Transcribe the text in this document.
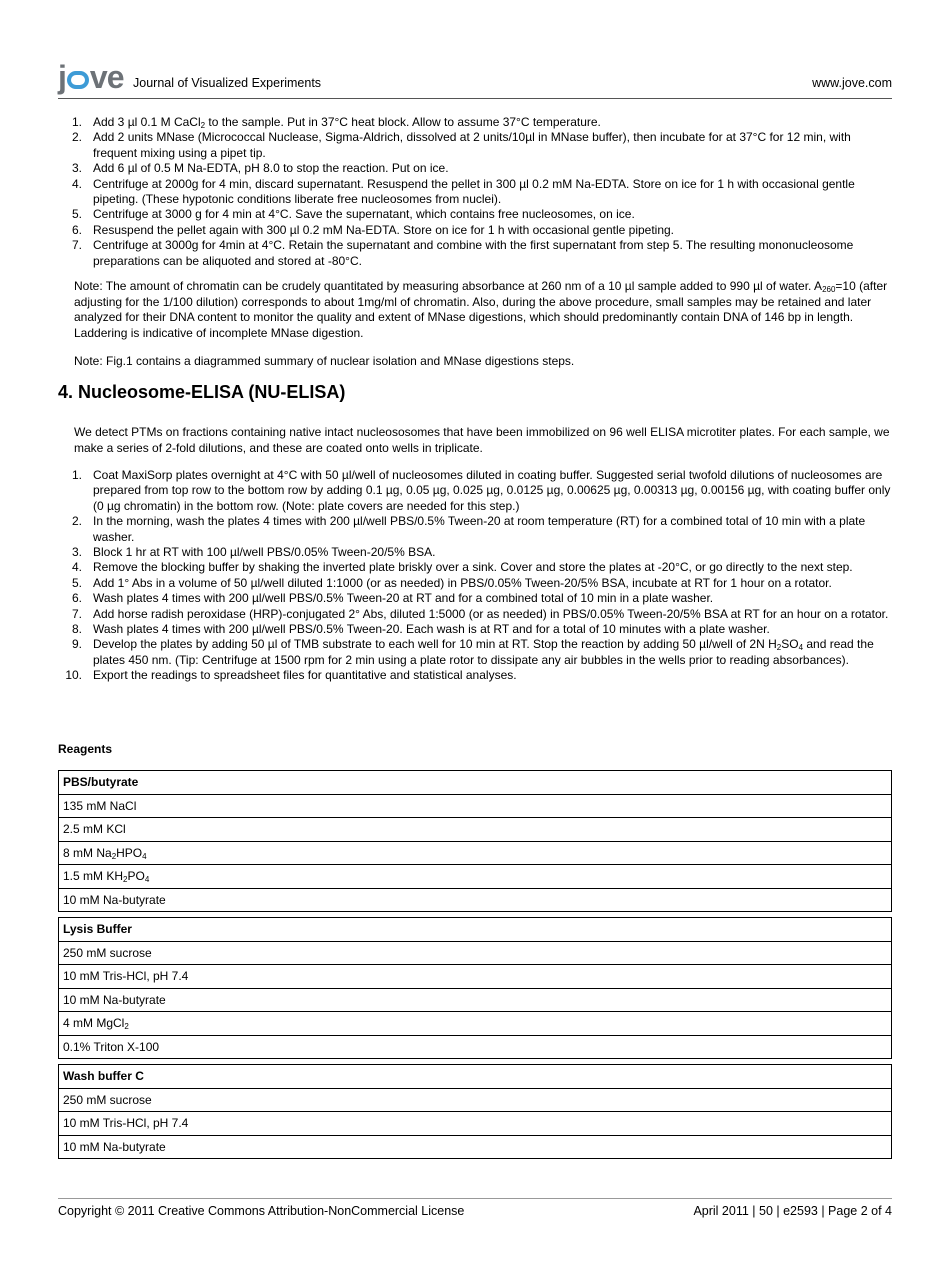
j ve Journal of Visualized Experiments	www.jove.com
1. Add 3 µl 0.1 M CaCl$_2$ to the sample. Put in 37°C heat block. Allow to assume 37°C temperature.
2. Add 2 units MNase (Micrococcal Nuclease, Sigma-Aldrich, dissolved at 2 units/10µl in MNase buffer), then incubate for at 37°C for 12 min, with frequent mixing using a pipet tip.
3. Add 6 µl of 0.5 M Na-EDTA, pH 8.0 to stop the reaction. Put on ice.
4. Centrifuge at 2000g for 4 min, discard supernatant. Resuspend the pellet in 300 µl 0.2 mM Na-EDTA. Store on ice for 1 h with occasional gentle pipeting. (These hypotonic conditions liberate free nucleosomes from nuclei).
5. Centrifuge at 3000 g for 4 min at 4°C. Save the supernatant, which contains free nucleosomes, on ice.
6. Resuspend the pellet again with 300 µl 0.2 mM Na-EDTA. Store on ice for 1 h with occasional gentle pipeting.
7. Centrifuge at 3000g for 4min at 4°C. Retain the supernatant and combine with the first supernatant from step 5. The resulting mononucleosome preparations can be aliquoted and stored at -80°C.

Note: The amount of chromatin can be crudely quantitated by measuring absorbance at 260 nm of a 10 µl sample added to 990 µl of water. $A_{260}=10$ (after adjusting for the 1/100 dilution) corresponds to about 1mg/ml of chromatin. Also, during the above procedure, small samples may be retained and later analyzed for their DNA content to monitor the quality and extent of MNase digestions, which should predominantly contain DNA of 146 bp in length. Laddering is indicative of incomplete MNase digestion.

Note: Fig.1 contains a diagrammed summary of nuclear isolation and MNase digestions steps.

4. Nucleosome-ELISA (NU-ELISA)

We detect PTMs on fractions containing native intact nucleososomes that have been immobilized on 96 well ELISA microtiter plates. For each sample, we make a series of 2-fold dilutions, and these are coated onto wells in triplicate.

1. Coat MaxiSorp plates overnight at 4°C with 50 µl/well of nucleosomes diluted in coating buffer. Suggested serial twofold dilutions of nucleosomes are prepared from top row to the bottom row by adding 0.1 µg, 0.05 µg, 0.025 µg, 0.0125 µg, 0.00625 µg, 0.00313 µg, 0.00156 µg, with coating buffer only (0 µg chromatin) in the bottom row. (Note: plate covers are needed for this step.)
2. In the morning, wash the plates 4 times with 200 µl/well PBS/0.5% Tween-20 at room temperature (RT) for a combined total of 10 min with a plate washer.
3. Block 1 hr at RT with 100 µl/well PBS/0.05% Tween-20/5% BSA.
4. Remove the blocking buffer by shaking the inverted plate briskly over a sink. Cover and store the plates at -20°C, or go directly to the next step.
5. Add 1° Abs in a volume of 50 µl/well diluted 1:1000 (or as needed) in PBS/0.05% Tween-20/5% BSA, incubate at RT for 1 hour on a rotator.
6. Wash plates 4 times with 200 µl/well PBS/0.5% Tween-20 at RT and for a combined total of 10 min in a plate washer.
7. Add horse radish peroxidase (HRP)-conjugated 2° Abs, diluted 1:5000 (or as needed) in PBS/0.05% Tween-20/5% BSA at RT for an hour on a rotator.
8. Wash plates 4 times with 200 µl/well PBS/0.5% Tween-20. Each wash is at RT and for a total of 10 minutes with a plate washer.
9. Develop the plates by adding 50 µl of TMB substrate to each well for 10 min at RT. Stop the reaction by adding 50 µl/well of 2N $H_2SO_4$ and read the plates 450 nm. (Tip: Centrifuge at 1500 rpm for 2 min using a plate rotor to dissipate any air bubbles in the wells prior to reading absorbances).
10. Export the readings to spreadsheet files for quantitative and statistical analyses.
Reagents
PBS/butyrate
135 mM NaCl
2.5 mM KCl
8 mM $Na_2HPO_4$
1.5 mM $KH_2PO_4$
10 mM Na-butyrate
Lysis Buffer
250 mM sucrose
10 mM Tris-HCl, pH 7.4
10 mM Na-butyrate
4 mM MgCl$_2$
0.1% Triton X-100
Wash buffer C
250 mM sucrose
10 mM Tris-HCl, pH 7.4
10 mM Na-butyrate
Copyright © 2011 Creative Commons Attribution-NonCommercial License	April 2011 | 50 | e2593 | Page 2 of 4
